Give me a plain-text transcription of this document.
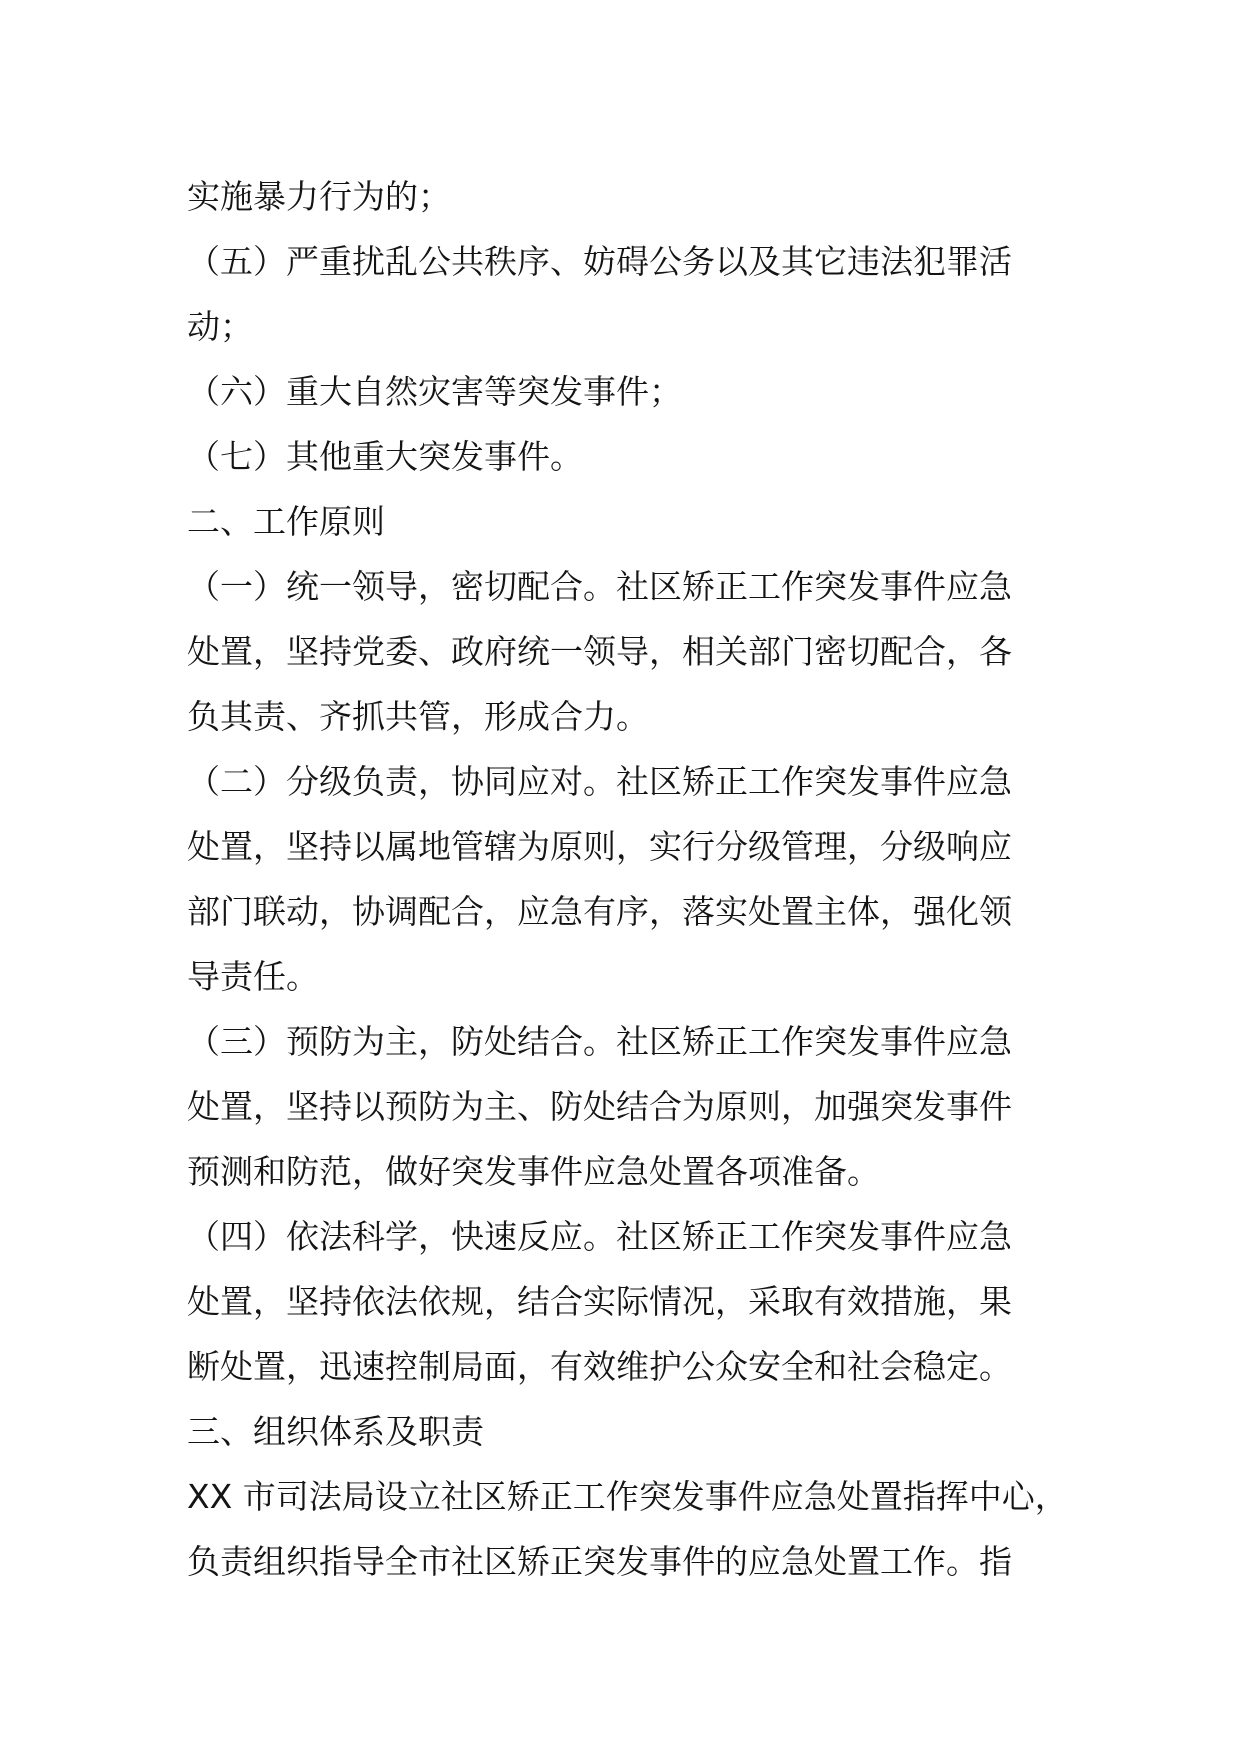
实施暴力行为的；
（五）严重扰乱公共秩序、妨碍公务以及其它违法犯罪活
动；
（六）重大自然灾害等突发事件；
（七）其他重大突发事件。
二、工作原则
（一）统一领导，密切配合。社区矫正工作突发事件应急
处置，坚持党委、政府统一领导，相关部门密切配合，各
负其责、齐抓共管，形成合力。
（二）分级负责，协同应对。社区矫正工作突发事件应急
处置，坚持以属地管辖为原则，实行分级管理，分级响应
部门联动，协调配合，应急有序，落实处置主体，强化领
导责任。
（三）预防为主，防处结合。社区矫正工作突发事件应急
处置，坚持以预防为主、防处结合为原则，加强突发事件
预测和防范，做好突发事件应急处置各项准备。
（四）依法科学，快速反应。社区矫正工作突发事件应急
处置，坚持依法依规，结合实际情况，采取有效措施，果
断处置，迅速控制局面，有效维护公众安全和社会稳定。
三、组织体系及职责
XX 市司法局设立社区矫正工作突发事件应急处置指挥中心，
负责组织指导全市社区矫正突发事件的应急处置工作。指
